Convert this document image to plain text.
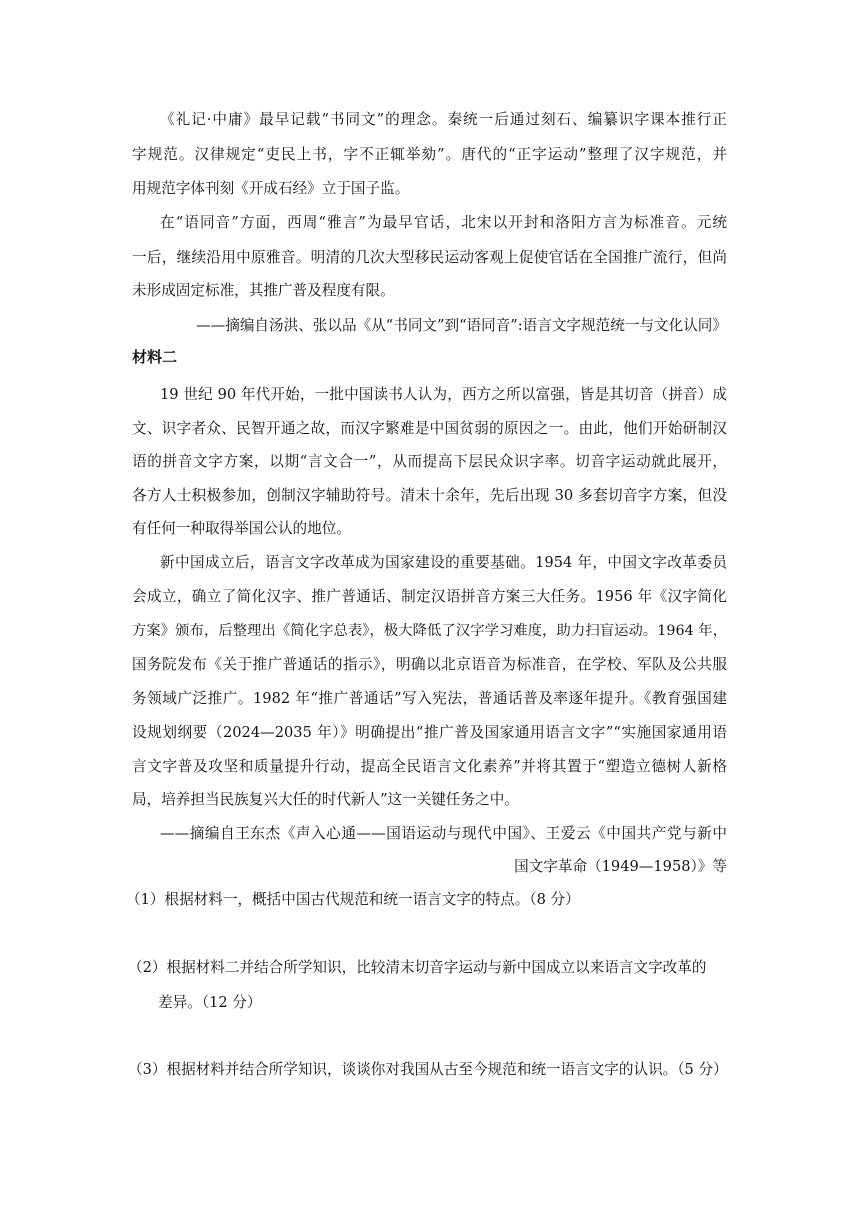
《礼记·中庸》最早记载“书同文”的理念。秦统一后通过刻石、编纂识字课本推行正
字规范。汉律规定“吏民上书，字不正辄举劾”。唐代的“正字运动”整理了汉字规范，并
用规范字体刊刻《开成石经》立于国子监。
在“语同音”方面，西周“雅言”为最早官话，北宋以开封和洛阳方言为标准音。元统
一后，继续沿用中原雅音。明清的几次大型移民运动客观上促使官话在全国推广流行，但尚
未形成固定标准，其推广普及程度有限。
——摘编自汤洪、张以品《从“书同文”到“语同音”:语言文字规范统一与文化认同》
材料二
19 世纪 90 年代开始，一批中国读书人认为，西方之所以富强，皆是其切音（拼音）成
文、识字者众、民智开通之故，而汉字繁难是中国贫弱的原因之一。由此，他们开始研制汉
语的拼音文字方案，以期“言文合一”，从而提高下层民众识字率。切音字运动就此展开，
各方人士积极参加，创制汉字辅助符号。清末十余年，先后出现 30 多套切音字方案，但没
有任何一种取得举国公认的地位。
新中国成立后，语言文字改革成为国家建设的重要基础。1954 年，中国文字改革委员
会成立，确立了简化汉字、推广普通话、制定汉语拼音方案三大任务。1956 年《汉字简化
方案》颁布，后整理出《简化字总表》，极大降低了汉字学习难度，助力扫盲运动。1964 年，
国务院发布《关于推广普通话的指示》，明确以北京语音为标准音，在学校、军队及公共服
务领域广泛推广。1982 年“推广普通话”写入宪法，普通话普及率逐年提升。《教育强国建
设规划纲要（2024—2035 年）》明确提出“推广普及国家通用语言文字”“实施国家通用语
言文字普及攻坚和质量提升行动，提高全民语言文化素养”并将其置于“塑造立德树人新格
局，培养担当民族复兴大任的时代新人”这一关键任务之中。
——摘编自王东杰《声入心通——国语运动与现代中国》、王爱云《中国共产党与新中
国文字革命（1949—1958）》等
（1）根据材料一，概括中国古代规范和统一语言文字的特点。（8 分）
（2）根据材料二并结合所学知识，比较清末切音字运动与新中国成立以来语言文字改革的
差异。（12 分）
（3）根据材料并结合所学知识，谈谈你对我国从古至今规范和统一语言文字的认识。（5 分）
